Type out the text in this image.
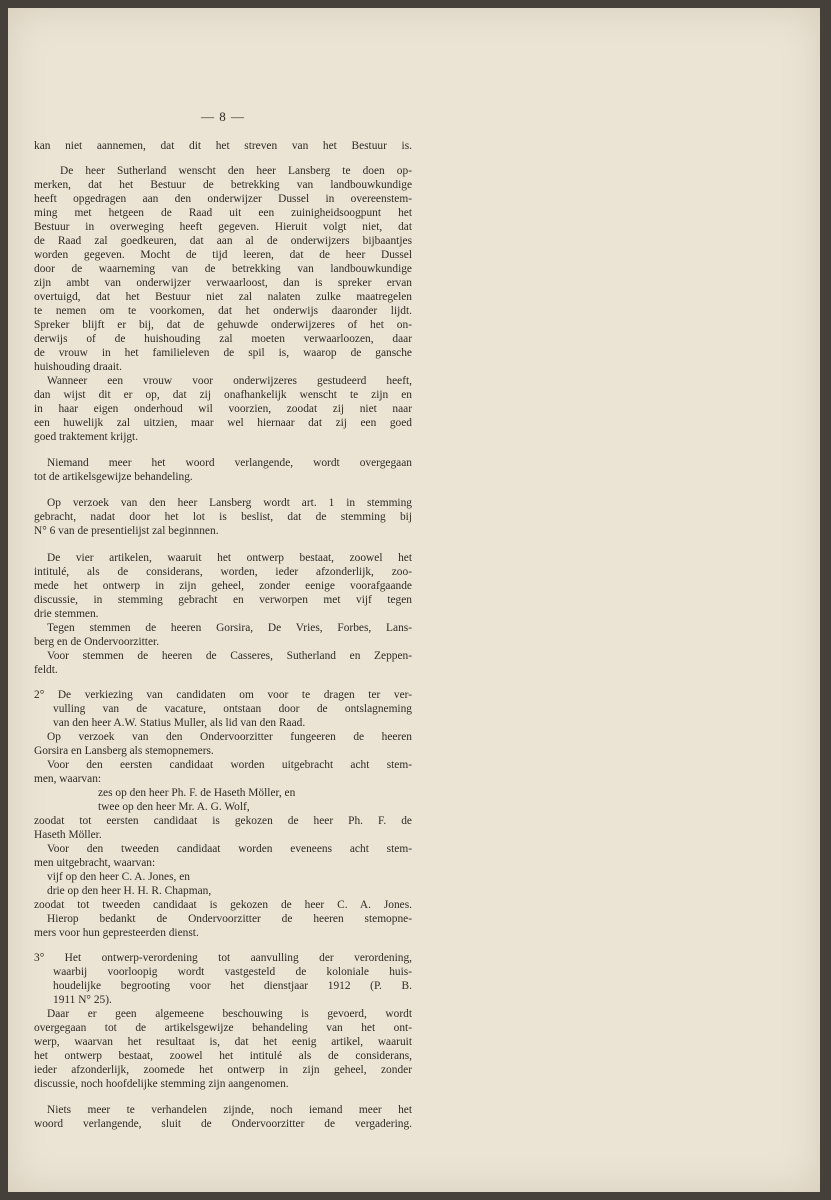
— 8 —
kan niet aannemen, dat dit het streven van het Bestuur is.
De heer Sutherland wenscht den heer Lansberg te doen op-
merken, dat het Bestuur de betrekking van landbouwkundige
heeft opgedragen aan den onderwijzer Dussel in overeenstem-
ming met hetgeen de Raad uit een zuinigheidsoogpunt het
Bestuur in overweging heeft gegeven. Hieruit volgt niet, dat
de Raad zal goedkeuren, dat aan al de onderwijzers bijbaantjes
worden gegeven. Mocht de tijd leeren, dat de heer Dussel
door de waarneming van de betrekking van landbouwkundige
zijn ambt van onderwijzer verwaarloost, dan is spreker ervan
overtuigd, dat het Bestuur niet zal nalaten zulke maatregelen
te nemen om te voorkomen, dat het onderwijs daaronder lijdt.
Spreker blijft er bij, dat de gehuwde onderwijzeres of het on-
derwijs of de huishouding zal moeten verwaarloozen, daar
de vrouw in het familieleven de spil is, waarop de gansche
huishouding draait.
Wanneer een vrouw voor onderwijzeres gestudeerd heeft,
dan wijst dit er op, dat zij onafhankelijk wenscht te zijn en
in haar eigen onderhoud wil voorzien, zoodat zij niet naar
een huwelijk zal uitzien, maar wel hiernaar dat zij een goed
goed traktement krijgt.
Niemand meer het woord verlangende, wordt overgegaan
tot de artikelsgewijze behandeling.
Op verzoek van den heer Lansberg wordt art. 1 in stemming
gebracht, nadat door het lot is beslist, dat de stemming bij
N° 6 van de presentielijst zal beginnnen.
De vier artikelen, waaruit het ontwerp bestaat, zoowel het
intitulé, als de considerans, worden, ieder afzonderlijk, zoo-
mede het ontwerp in zijn geheel, zonder eenige voorafgaande
discussie, in stemming gebracht en verworpen met vijf tegen
drie stemmen.
Tegen stemmen de heeren Gorsira, De Vries, Forbes, Lans-
berg en de Ondervoorzitter.
Voor stemmen de heeren de Casseres, Sutherland en Zeppen-
feldt.
2° De verkiezing van candidaten om voor te dragen ter ver-
vulling van de vacature, ontstaan door de ontslagneming
van den heer A.W. Statius Muller, als lid van den Raad.
Op verzoek van den Ondervoorzitter fungeeren de heeren
Gorsira en Lansberg als stemopnemers.
Voor den eersten candidaat worden uitgebracht acht stem-
men, waarvan:
zes op den heer Ph. F. de Haseth Möller, en
twee op den heer Mr. A. G. Wolf,
zoodat tot eersten candidaat is gekozen de heer Ph. F. de
Haseth Möller.
Voor den tweeden candidaat worden eveneens acht stem-
men uitgebracht, waarvan:
vijf op den heer C. A. Jones, en
drie op den heer H. H. R. Chapman,
zoodat tot tweeden candidaat is gekozen de heer C. A. Jones.
Hierop bedankt de Ondervoorzitter de heeren stemopne-
mers voor hun gepresteerden dienst.
3° Het ontwerp-verordening tot aanvulling der verordening,
waarbij voorloopig wordt vastgesteld de koloniale huis-
houdelijke begrooting voor het dienstjaar 1912 (P. B.
1911 N° 25).
Daar er geen algemeene beschouwing is gevoerd, wordt
overgegaan tot de artikelsgewijze behandeling van het ont-
werp, waarvan het resultaat is, dat het eenig artikel, waaruit
het ontwerp bestaat, zoowel het intitulé als de considerans,
ieder afzonderlijk, zoomede het ontwerp in zijn geheel, zonder
discussie, noch hoofdelijke stemming zijn aangenomen.
Niets meer te verhandelen zijnde, noch iemand meer het
woord verlangende, sluit de Ondervoorzitter de vergadering.
